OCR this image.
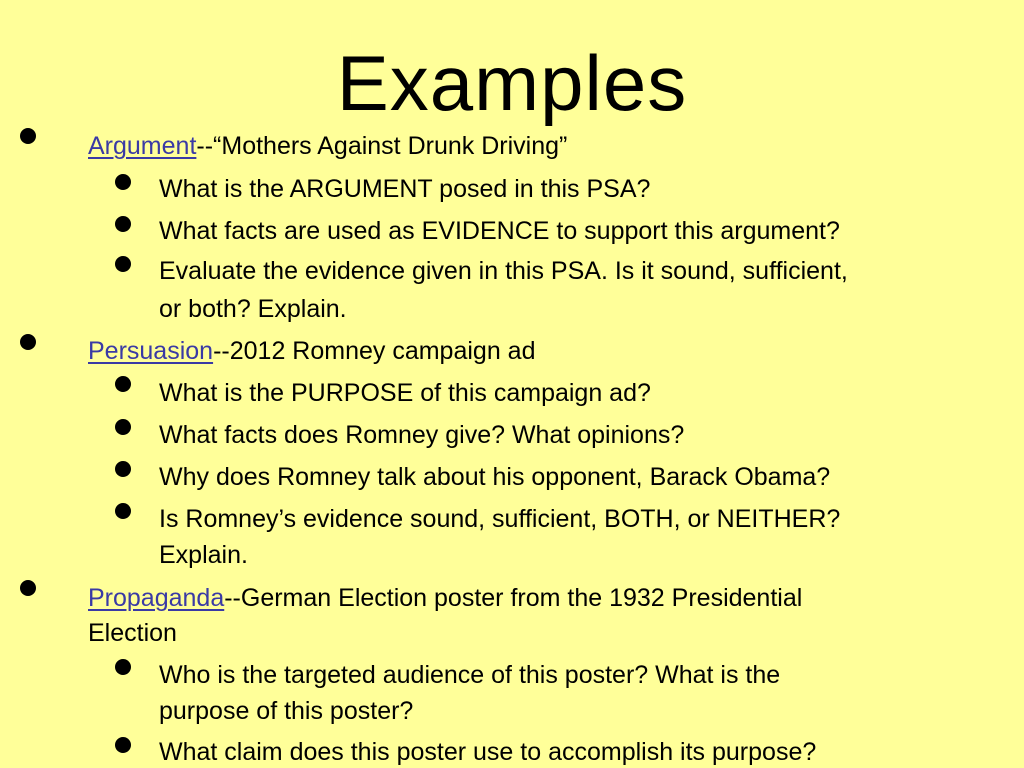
Examples
Argument--“Mothers Against Drunk Driving”
What is the ARGUMENT posed in this PSA?
What facts are used as EVIDENCE to support this argument?
Evaluate the evidence given in this PSA. Is it sound, sufficient,
or both? Explain.
Persuasion--2012 Romney campaign ad
What is the PURPOSE of this campaign ad?
What facts does Romney give? What opinions?
Why does Romney talk about his opponent, Barack Obama?
Is Romney’s evidence sound, sufficient, BOTH, or NEITHER?
Explain.
Propaganda--German Election poster from the 1932 Presidential
Election
Who is the targeted audience of this poster? What is the
purpose of this poster?
What claim does this poster use to accomplish its purpose?
